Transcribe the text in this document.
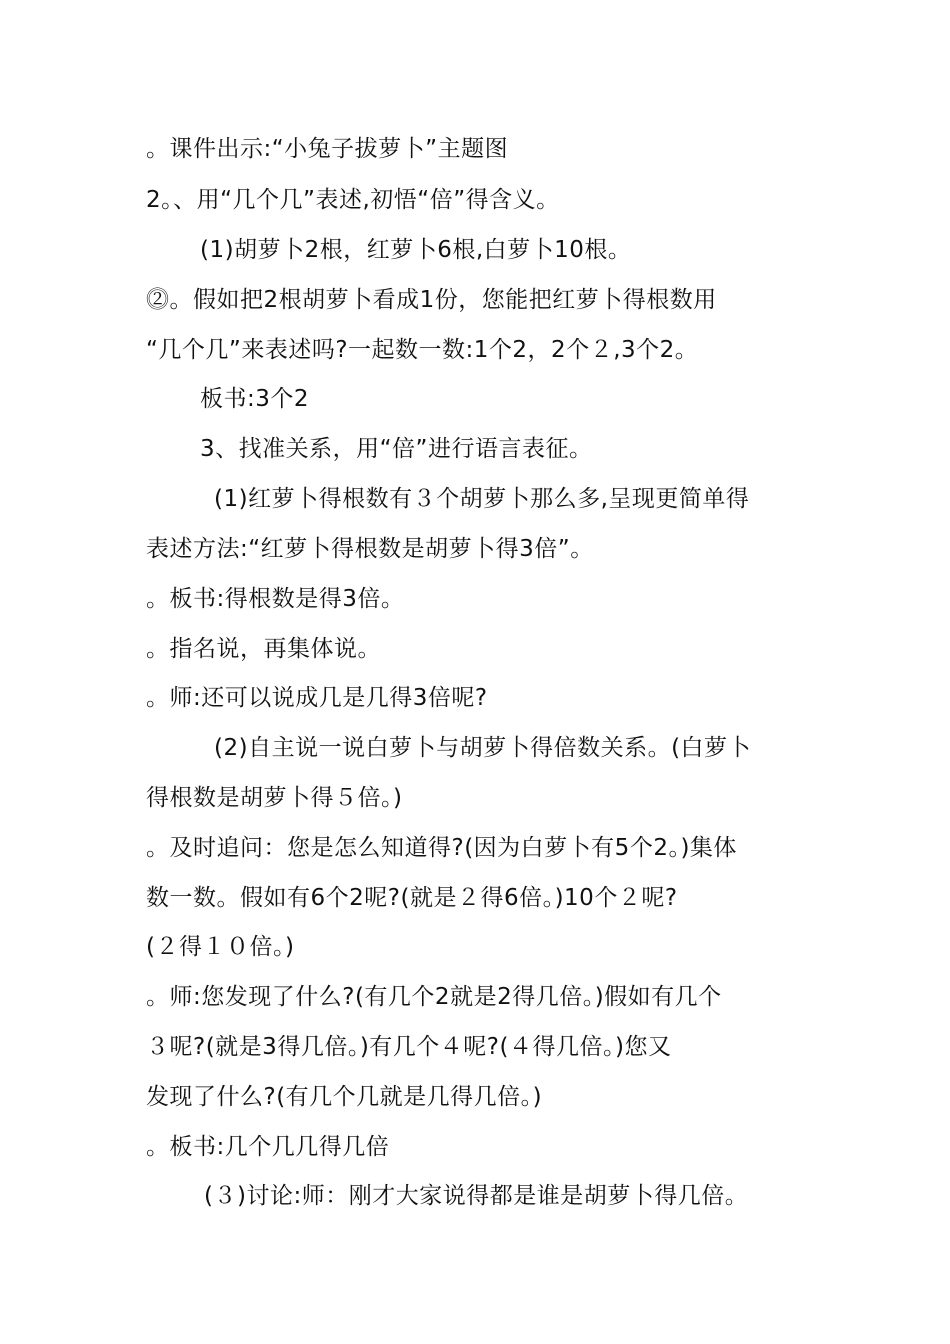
。课件出示:“小兔子拔萝卜”主题图
2。、用“几个几”表述,初悟“倍”得含义。
(1)胡萝卜2根，红萝卜6根,白萝卜10根。
⓶。假如把2根胡萝卜看成1份，您能把红萝卜得根数用
“几个几”来表述吗?一起数一数:1个2，2个２,3个2。
板书:3个2
3、找准关系，用“倍”进行语言表征。
(1)红萝卜得根数有３个胡萝卜那么多,呈现更简单得
表述方法:“红萝卜得根数是胡萝卜得3倍”。
。板书:得根数是得3倍。
。指名说，再集体说。
。师:还可以说成几是几得3倍呢?
(2)自主说一说白萝卜与胡萝卜得倍数关系。(白萝卜
得根数是胡萝卜得５倍。)
。及时追问：您是怎么知道得?(因为白萝卜有5个2。)集体
数一数。假如有6个2呢?(就是２得6倍。)10个２呢?
(２得１０倍。)
。师:您发现了什么?(有几个2就是2得几倍。)假如有几个
３呢?(就是3得几倍。)有几个４呢?(４得几倍。)您又
发现了什么?(有几个几就是几得几倍。)
。板书:几个几几得几倍
(３)讨论:师：刚才大家说得都是谁是胡萝卜得几倍。
